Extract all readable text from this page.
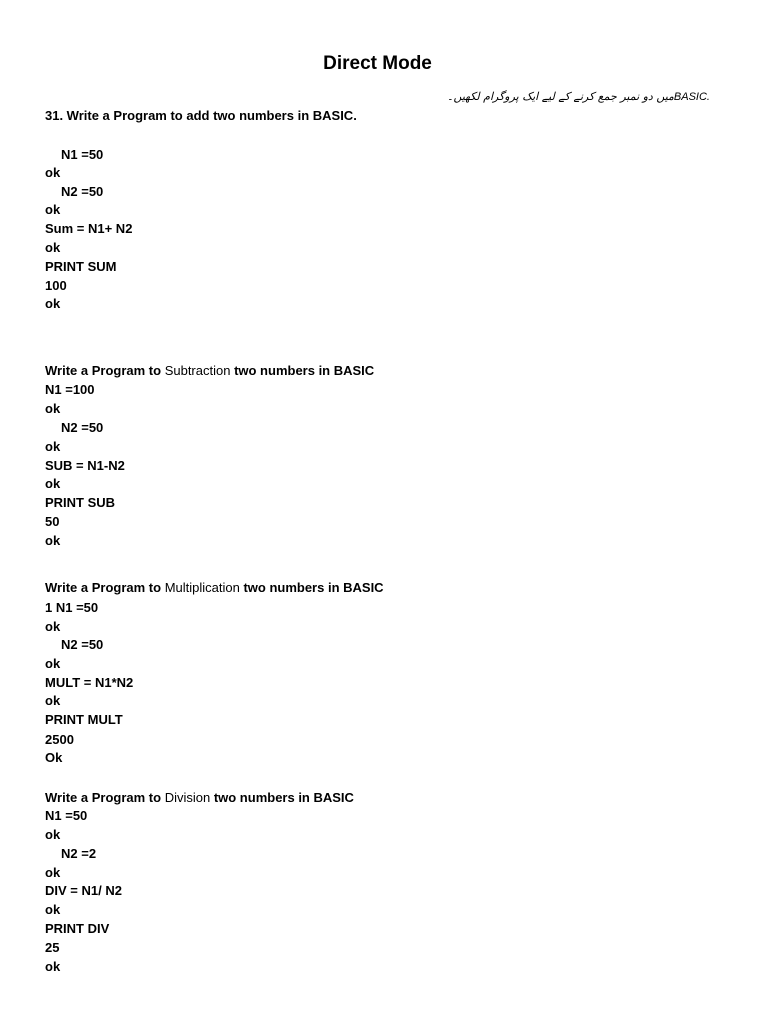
Direct Mode
میں دو نمبر جمع کرنے کے لیے ایک پروگرام لکھیں۔BASIC.
31. Write a Program to add two numbers in BASIC.
N1 =50
ok
N2 =50
ok
Sum = N1+ N2
ok
PRINT SUM
100
ok
Write a Program to Subtraction two numbers in BASIC
N1 =100
ok
N2 =50
ok
SUB = N1-N2
ok
PRINT SUB
50
ok
Write a Program to Multiplication two numbers in BASIC
1 N1 =50
ok
N2 =50
ok
MULT = N1*N2
ok
PRINT MULT
2500
Ok
Write a Program to Division two numbers in BASIC
N1 =50
ok
N2 =2
ok
DIV = N1/ N2
ok
PRINT DIV
25
ok
